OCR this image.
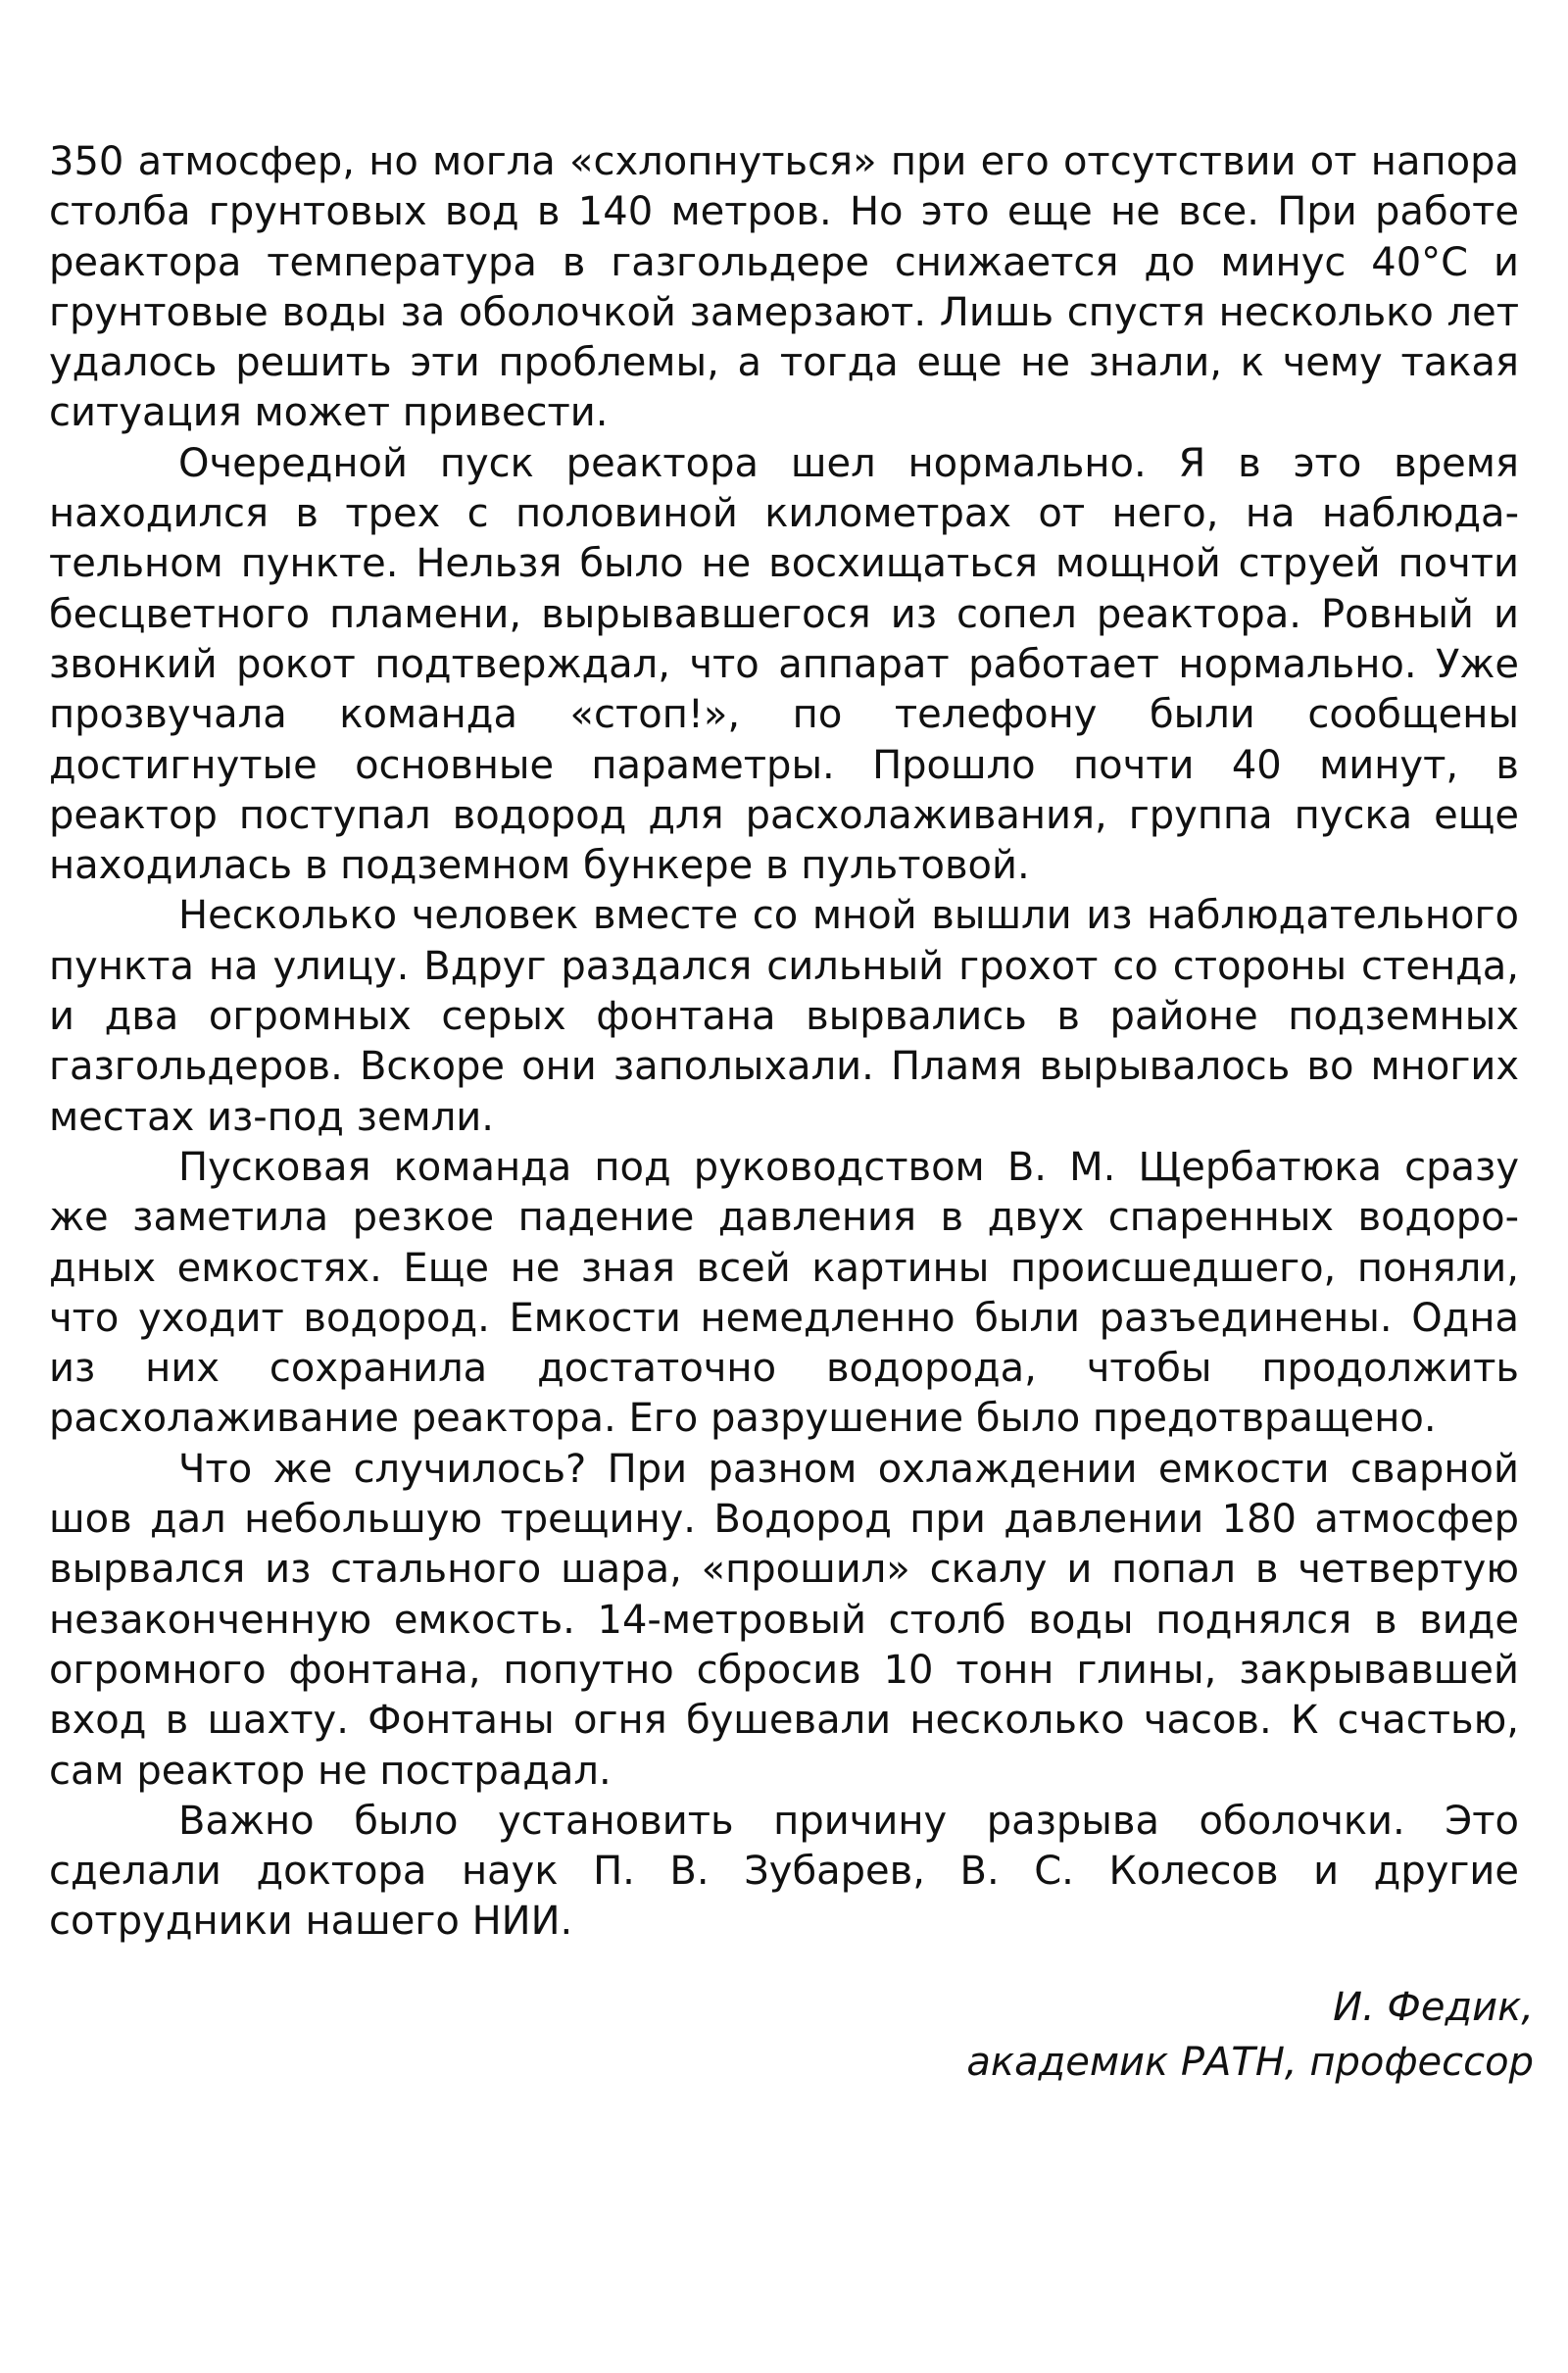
350 атмосфер, но могла «схлопнуться» при его отсутствии от напора столба грунтовых вод в 140 метров. Но это еще не все. При работе реактора температура в газгольдере снижается до минус 40°С и грунтовые воды за оболочкой замерзают. Лишь спустя несколько лет удалось решить эти проблемы, а тогда еще не знали, к чему такая ситуация может привести.

Очередной пуск реактора шел нормально. Я в это время находился в трех с половиной километрах от него, на наблюдательном пункте. Нельзя было не восхищаться мощной струей почти бесцветного пламени, вырывавшегося из сопел реактора. Ровный и звонкий рокот подтверждал, что аппарат работает нормально. Уже прозвучала команда «стоп!», по телефону были сообщены достигнутые основные параметры. Прошло почти 40 минут, в реактор поступал водород для расхолаживания, группа пуска еще находилась в подземном бункере в пультовой.

Несколько человек вместе со мной вышли из наблюдательного пункта на улицу. Вдруг раздался сильный грохот со стороны стенда, и два огромных серых фонтана вырвались в районе подземных газгольдеров. Вскоре они заполыхали. Пламя вырывалось во многих местах из-под земли.

Пусковая команда под руководством В. М. Щербатюка сразу же заметила резкое падение давления в двух спаренных водородных емкостях. Еще не зная всей картины происшедшего, поняли, что уходит водород. Емкости немедленно были разъединены. Одна из них сохранила достаточно водорода, чтобы продолжить расхолаживание реактора. Его разрушение было предотвращено.

Что же случилось? При разном охлаждении емкости сварной шов дал небольшую трещину. Водород при давлении 180 атмосфер вырвался из стального шара, «прошил» скалу и попал в четвертую незаконченную емкость. 14-метровый столб воды поднялся в виде огромного фонтана, попутно сбросив 10 тонн глины, закрывавшей вход в шахту. Фонтаны огня бушевали несколько часов. К счастью, сам реактор не пострадал.

Важно было установить причину разрыва оболочки. Это сделали доктора наук П. В. Зубарев, В. С. Колесов и другие сотрудники нашего НИИ.

И. Федик,
академик РАТН, профессор
